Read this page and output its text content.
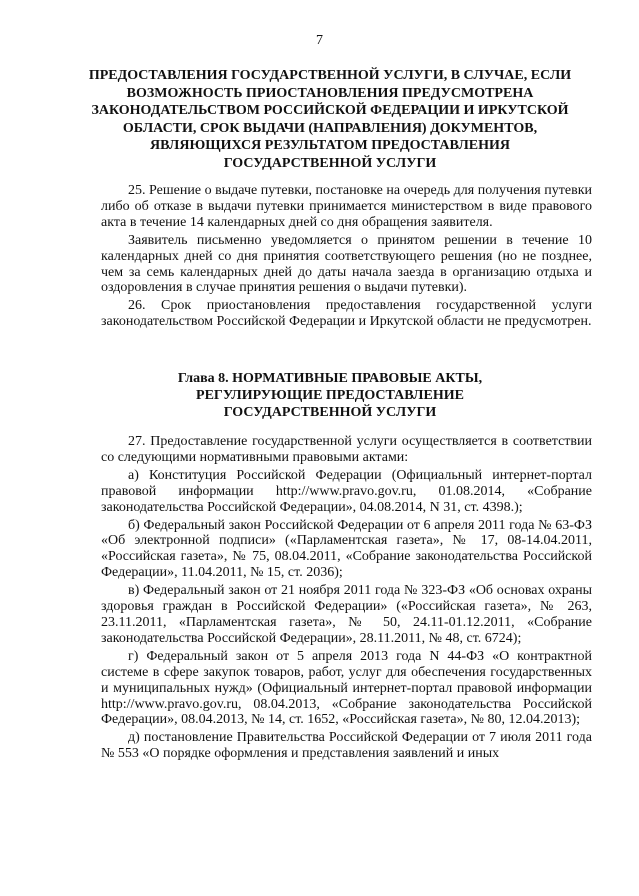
7
ПРЕДОСТАВЛЕНИЯ ГОСУДАРСТВЕННОЙ УСЛУГИ, В СЛУЧАЕ, ЕСЛИ
ВОЗМОЖНОСТЬ ПРИОСТАНОВЛЕНИЯ ПРЕДУСМОТРЕНА
ЗАКОНОДАТЕЛЬСТВОМ РОССИЙСКОЙ ФЕДЕРАЦИИ И ИРКУТСКОЙ
ОБЛАСТИ, СРОК ВЫДАЧИ (НАПРАВЛЕНИЯ) ДОКУМЕНТОВ,
ЯВЛЯЮЩИХСЯ РЕЗУЛЬТАТОМ ПРЕДОСТАВЛЕНИЯ
ГОСУДАРСТВЕННОЙ УСЛУГИ

25. Решение о выдаче путевки, постановке на очередь для получения путевки либо об отказе в выдачи путевки принимается министерством в виде правового акта в течение 14 календарных дней со дня обращения заявителя.

Заявитель письменно уведомляется о принятом решении в течение 10 календарных дней со дня принятия соответствующего решения (но не позднее, чем за семь календарных дней до даты начала заезда в организацию отдыха и оздоровления в случае принятия решения о выдачи путевки).

26. Срок приостановления предоставления государственной услуги законодательством Российской Федерации и Иркутской области не предусмотрен.

Глава 8. НОРМАТИВНЫЕ ПРАВОВЫЕ АКТЫ,
РЕГУЛИРУЮЩИЕ ПРЕДОСТАВЛЕНИЕ
ГОСУДАРСТВЕННОЙ УСЛУГИ

27. Предоставление государственной услуги осуществляется в соответствии со следующими нормативными правовыми актами:

а) Конституция Российской Федерации (Официальный интернет-портал правовой информации http://www.pravo.gov.ru, 01.08.2014, «Собрание законодательства Российской Федерации», 04.08.2014, N 31, ст. 4398.);

б) Федеральный закон Российской Федерации от 6 апреля 2011 года № 63-ФЗ «Об электронной подписи» («Парламентская газета», № 17, 08-14.04.2011, «Российская газета», № 75, 08.04.2011, «Собрание законодательства Российской Федерации», 11.04.2011, № 15, ст. 2036);

в) Федеральный закон от 21 ноября 2011 года № 323-ФЗ «Об основах охраны здоровья граждан в Российской Федерации» («Российская газета», № 263, 23.11.2011, «Парламентская газета», № 50, 24.11-01.12.2011, «Собрание законодательства Российской Федерации», 28.11.2011, № 48, ст. 6724);

г) Федеральный закон от 5 апреля 2013 года N 44-ФЗ «О контрактной системе в сфере закупок товаров, работ, услуг для обеспечения государственных и муниципальных нужд» (Официальный интернет-портал правовой информации http://www.pravo.gov.ru, 08.04.2013, «Собрание законодательства Российской Федерации», 08.04.2013, № 14, ст. 1652, «Российская газета», № 80, 12.04.2013);

д) постановление Правительства Российской Федерации от 7 июля 2011 года № 553 «О порядке оформления и представления заявлений и иных
